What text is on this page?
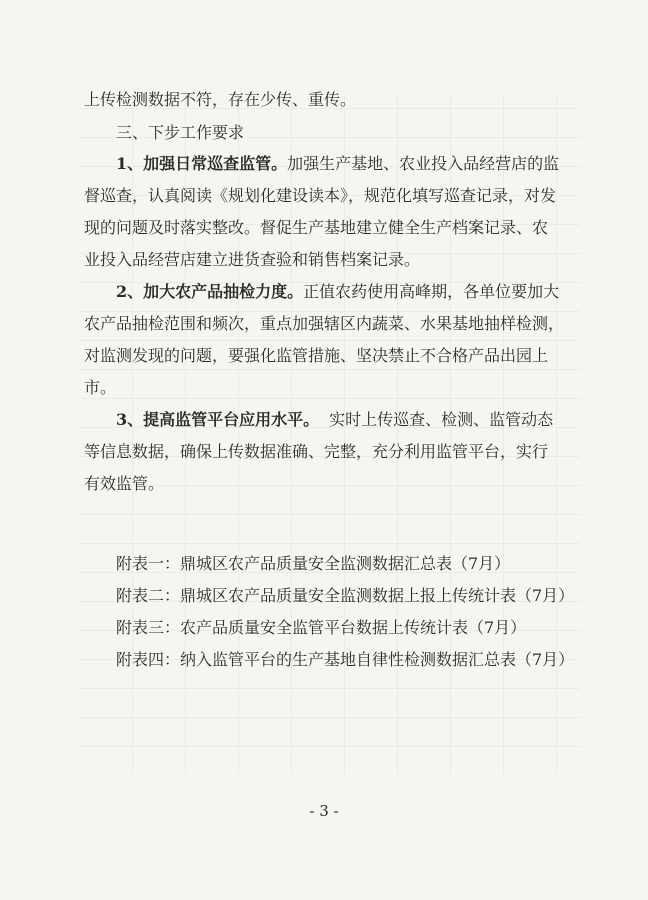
上传检测数据不符，存在少传、重传。

三、下步工作要求

1、加强日常巡查监管。加强生产基地、农业投入品经营店的监

督巡查，认真阅读《规划化建设读本》，规范化填写巡查记录，对发

现的问题及时落实整改。督促生产基地建立健全生产档案记录、农

业投入品经营店建立进货查验和销售档案记录。

2、加大农产品抽检力度。正值农药使用高峰期，各单位要加大

农产品抽检范围和频次，重点加强辖区内蔬菜、水果基地抽样检测，

对监测发现的问题，要强化监管措施、坚决禁止不合格产品出园上

市。

3、提高监管平台应用水平。 实时上传巡查、检测、监管动态

等信息数据，确保上传数据准确、完整，充分利用监管平台，实行

有效监管。

附表一：鼎城区农产品质量安全监测数据汇总表（7月）

附表二：鼎城区农产品质量安全监测数据上报上传统计表（7月）

附表三：农产品质量安全监管平台数据上传统计表（7月）

附表四：纳入监管平台的生产基地自律性检测数据汇总表（7月）

- 3 -
